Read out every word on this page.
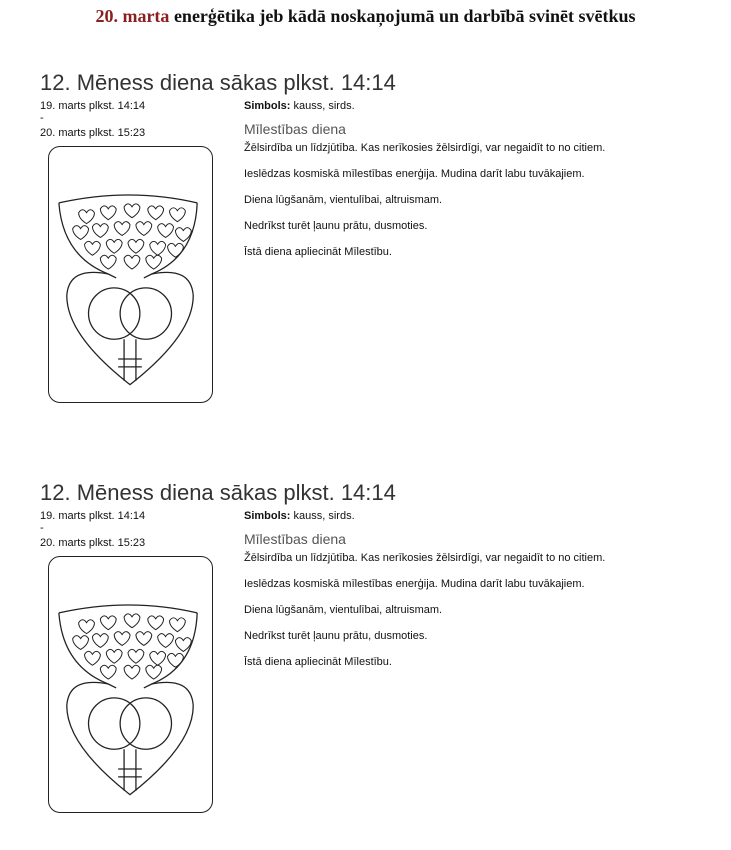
20. marta enerģētika jeb kādā noskaņojumā un darbībā svinēt svētkus
12. Mēness diena sākas plkst. 14:14
19. marts plkst. 14:14
-
20. marts plkst. 15:23
Simbols: kauss, sirds.
Mīlestības diena
Žēlsirdība un līdzjūtība. Kas nerīkosies žēlsirdīgi, var negaidīt to no citiem.
Ieslēdzas kosmiskā mīlestības enerģija. Mudina darīt labu tuvākajiem.
Diena lūgšanām, vientulībai, altruismam.
Nedrīkst turēt ļaunu prātu, dusmoties.
Īstā diena apliecināt Mīlestību.
12. Mēness diena sākas plkst. 14:14
19. marts plkst. 14:14
-
20. marts plkst. 15:23
Simbols: kauss, sirds.
Mīlestības diena
Žēlsirdība un līdzjūtība. Kas nerīkosies žēlsirdīgi, var negaidīt to no citiem.
Ieslēdzas kosmiskā mīlestības enerģija. Mudina darīt labu tuvākajiem.
Diena lūgšanām, vientulībai, altruismam.
Nedrīkst turēt ļaunu prātu, dusmoties.
Īstā diena apliecināt Mīlestību.
